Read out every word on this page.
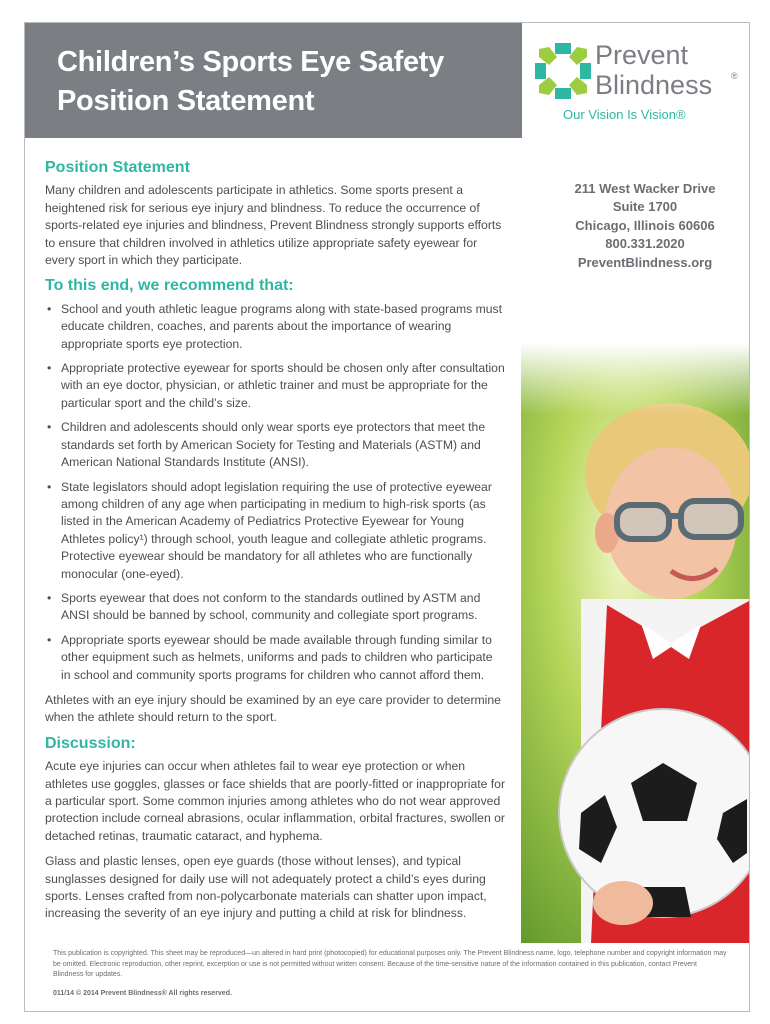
Children’s Sports Eye Safety
Position Statement
Prevent
Blindness ®
Our Vision Is Vision®
211 West Wacker Drive
Suite 1700
Chicago, Illinois 60606
800.331.2020
PreventBlindness.org
Position Statement

Many children and adolescents participate in athletics. Some sports present a heightened risk for serious eye injury and blindness. To reduce the occurrence of sports-related eye injuries and blindness, Prevent Blindness strongly supports efforts to ensure that children involved in athletics utilize appropriate safety eyewear for every sport in which they participate.

To this end, we recommend that:
• School and youth athletic league programs along with state-based programs must educate children, coaches, and parents about the importance of wearing appropriate sports eye protection.
• Appropriate protective eyewear for sports should be chosen only after consultation with an eye doctor, physician, or athletic trainer and must be appropriate for the particular sport and the child’s size.
• Children and adolescents should only wear sports eye protectors that meet the standards set forth by American Society for Testing and Materials (ASTM) and American National Standards Institute (ANSI).
• State legislators should adopt legislation requiring the use of protective eyewear among children of any age when participating in medium to high-risk sports (as listed in the American Academy of Pediatrics Protective Eyewear for Young Athletes policy¹) through school, youth league and collegiate athletic programs. Protective eyewear should be mandatory for all athletes who are functionally monocular (one-eyed).
• Sports eyewear that does not conform to the standards outlined by ASTM and ANSI should be banned by school, community and collegiate sport programs.
• Appropriate sports eyewear should be made available through funding similar to other equipment such as helmets, uniforms and pads to children who participate in school and community sports programs for children who cannot afford them.

Athletes with an eye injury should be examined by an eye care provider to determine when the athlete should return to the sport.

Discussion:

Acute eye injuries can occur when athletes fail to wear eye protection or when athletes use goggles, glasses or face shields that are poorly-fitted or inappropriate for a particular sport. Some common injuries among athletes who do not wear approved protection include corneal abrasions, ocular inflammation, orbital fractures, swollen or detached retinas, traumatic cataract, and hyphema.

Glass and plastic lenses, open eye guards (those without lenses), and typical sunglasses designed for daily use will not adequately protect a child’s eyes during sports. Lenses crafted from non-polycarbonate materials can shatter upon impact, increasing the severity of an eye injury and putting a child at risk for blindness.

This publication is copyrighted. This sheet may be reproduced—un altered in hard print (photocopied) for educational purposes only. The Prevent Blindness name, logo, telephone number and copyright information may be omitted. Electronic reproduction, other reprint, excerption or use is not permitted without written consent. Because of the time-sensitive nature of the information contained in this publication, contact Prevent Blindness for updates.
011/14 © 2014 Prevent Blindness® All rights reserved.
